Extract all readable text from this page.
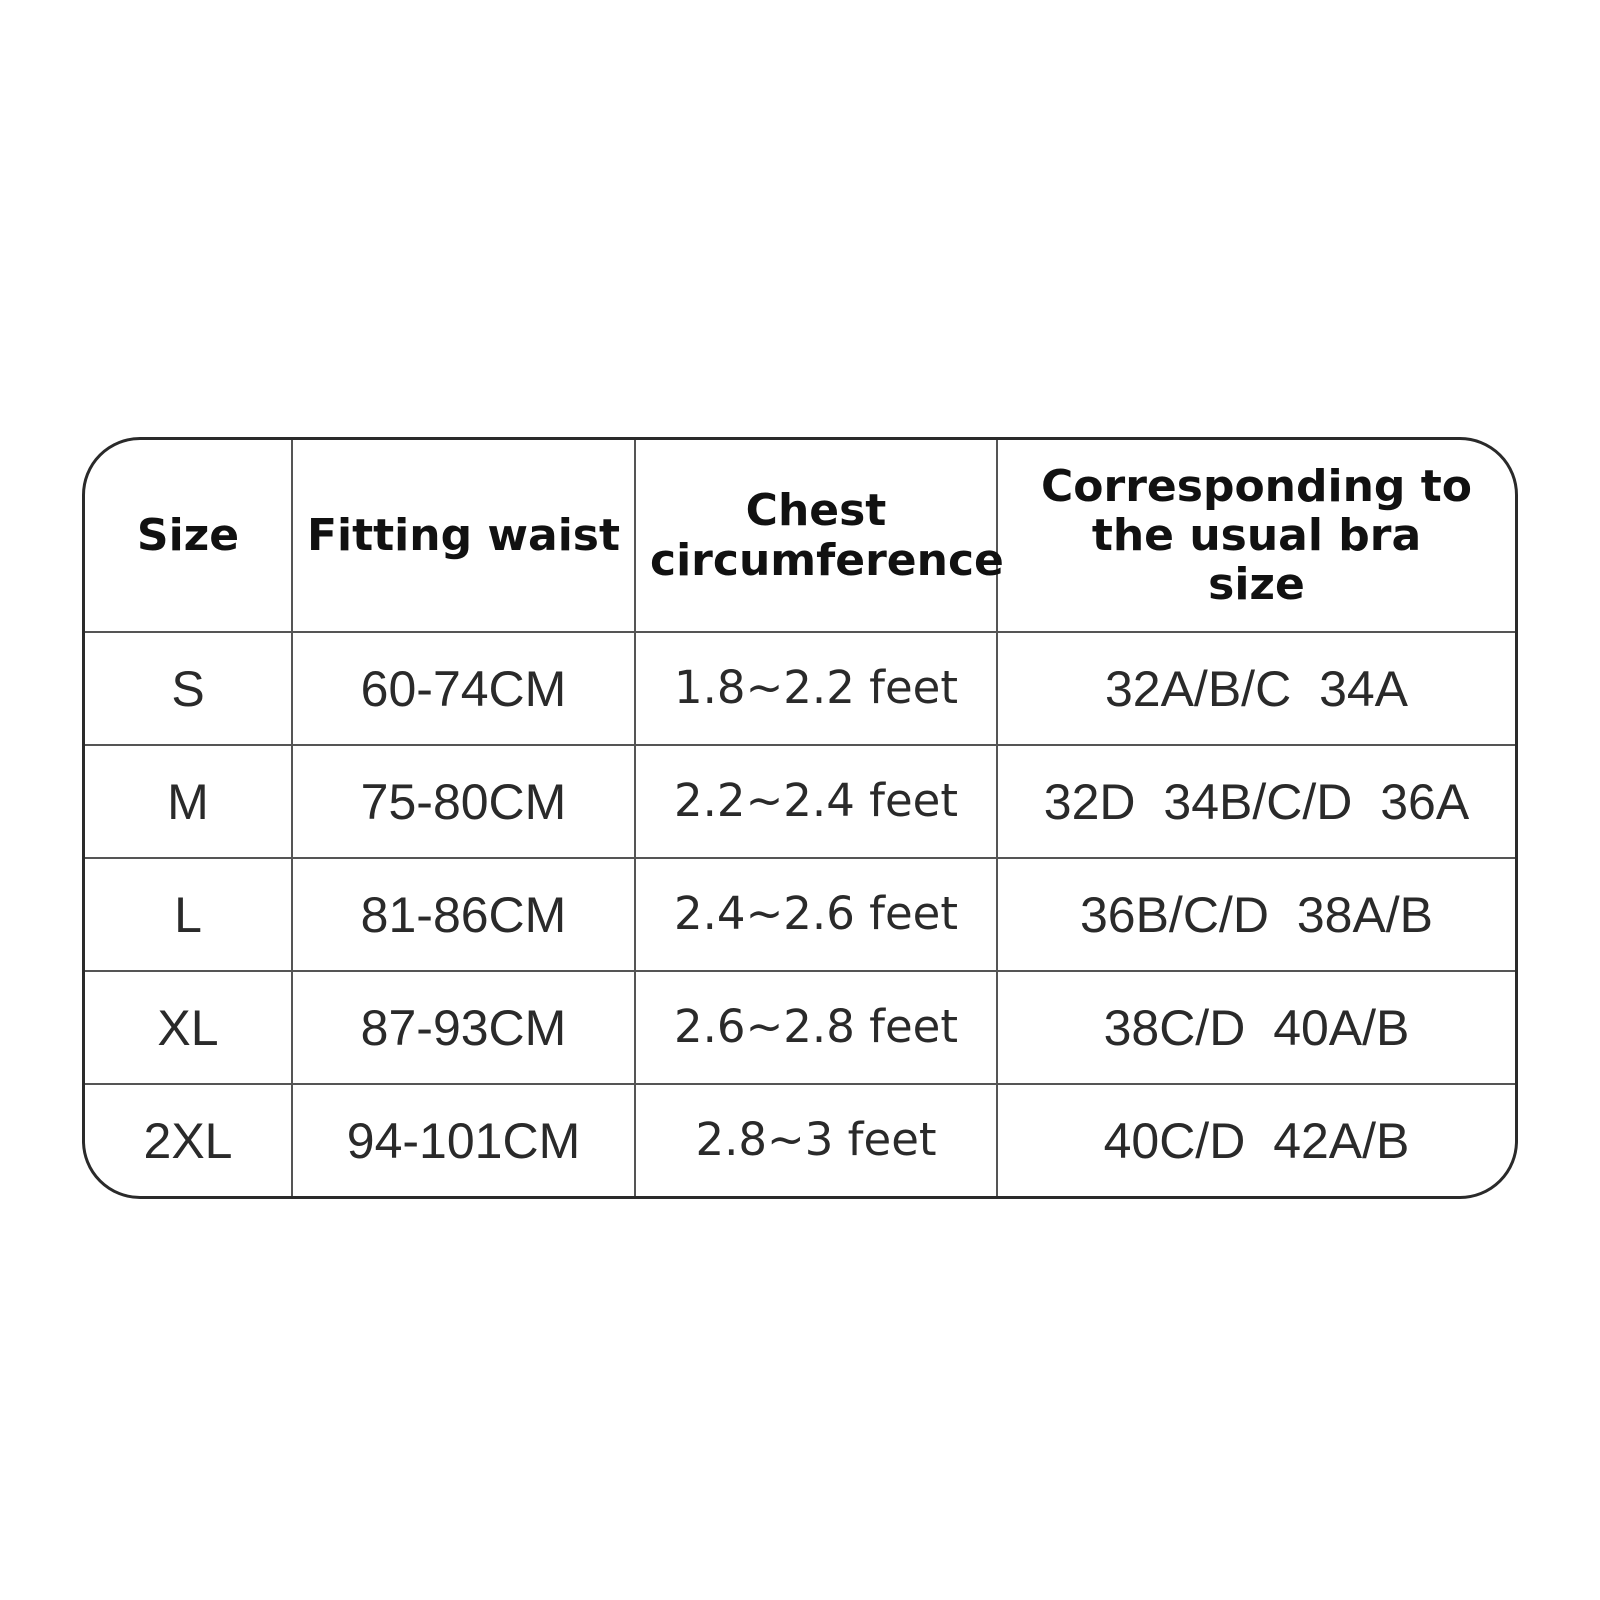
Size	Fitting waist	Chest circumference	Corresponding to the usual bra size
S	60-74CM	1.8~2.2 feet	32A/B/C 34A
M	75-80CM	2.2~2.4 feet	32D 34B/C/D 36A
L	81-86CM	2.4~2.6 feet	36B/C/D 38A/B
XL	87-93CM	2.6~2.8 feet	38C/D 40A/B
2XL	94-101CM	2.8~3 feet	40C/D 42A/B
